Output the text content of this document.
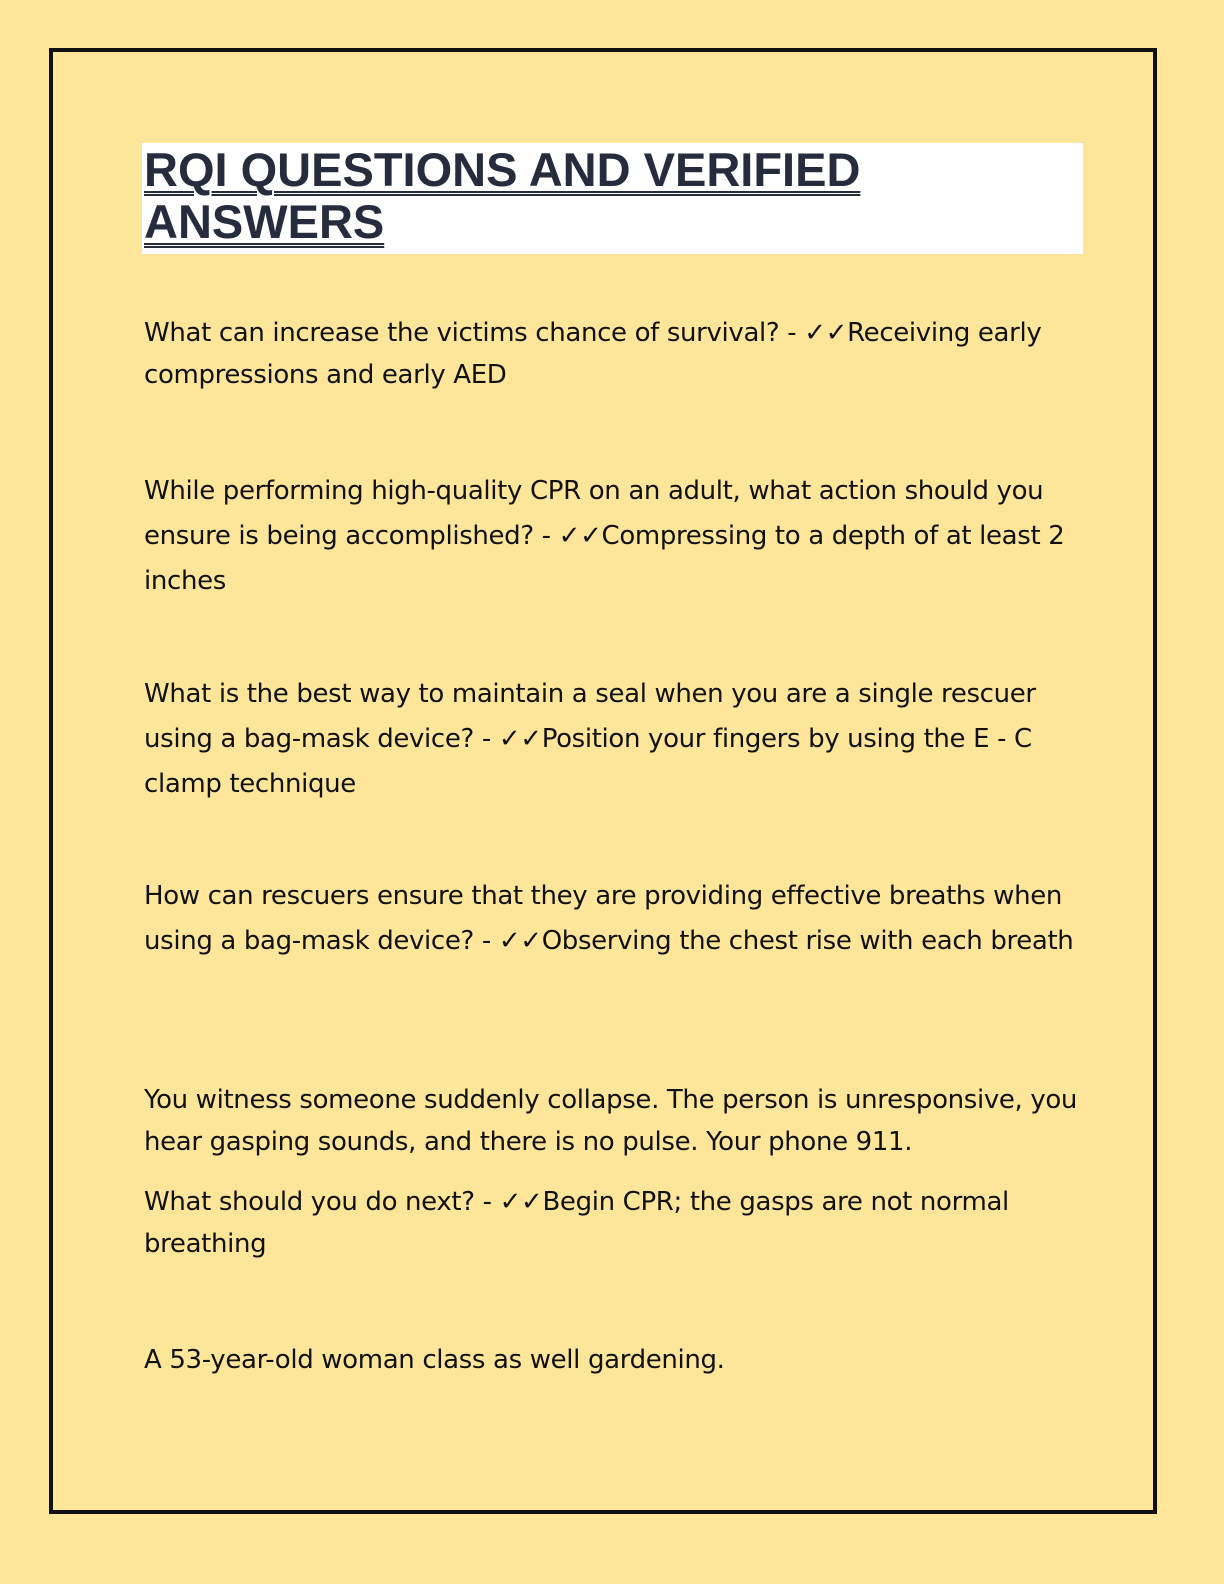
RQI QUESTIONS AND VERIFIED ANSWERS

What can increase the victims chance of survival? - ✓✓Receiving early compressions and early AED

While performing high-quality CPR on an adult, what action should you ensure is being accomplished? - ✓✓Compressing to a depth of at least 2 inches

What is the best way to maintain a seal when you are a single rescuer using a bag-mask device? - ✓✓Position your fingers by using the E - C clamp technique

How can rescuers ensure that they are providing effective breaths when using a bag-mask device? - ✓✓Observing the chest rise with each breath

You witness someone suddenly collapse. The person is unresponsive, you hear gasping sounds, and there is no pulse. Your phone 911.

What should you do next? - ✓✓Begin CPR; the gasps are not normal breathing

A 53-year-old woman class as well gardening.
